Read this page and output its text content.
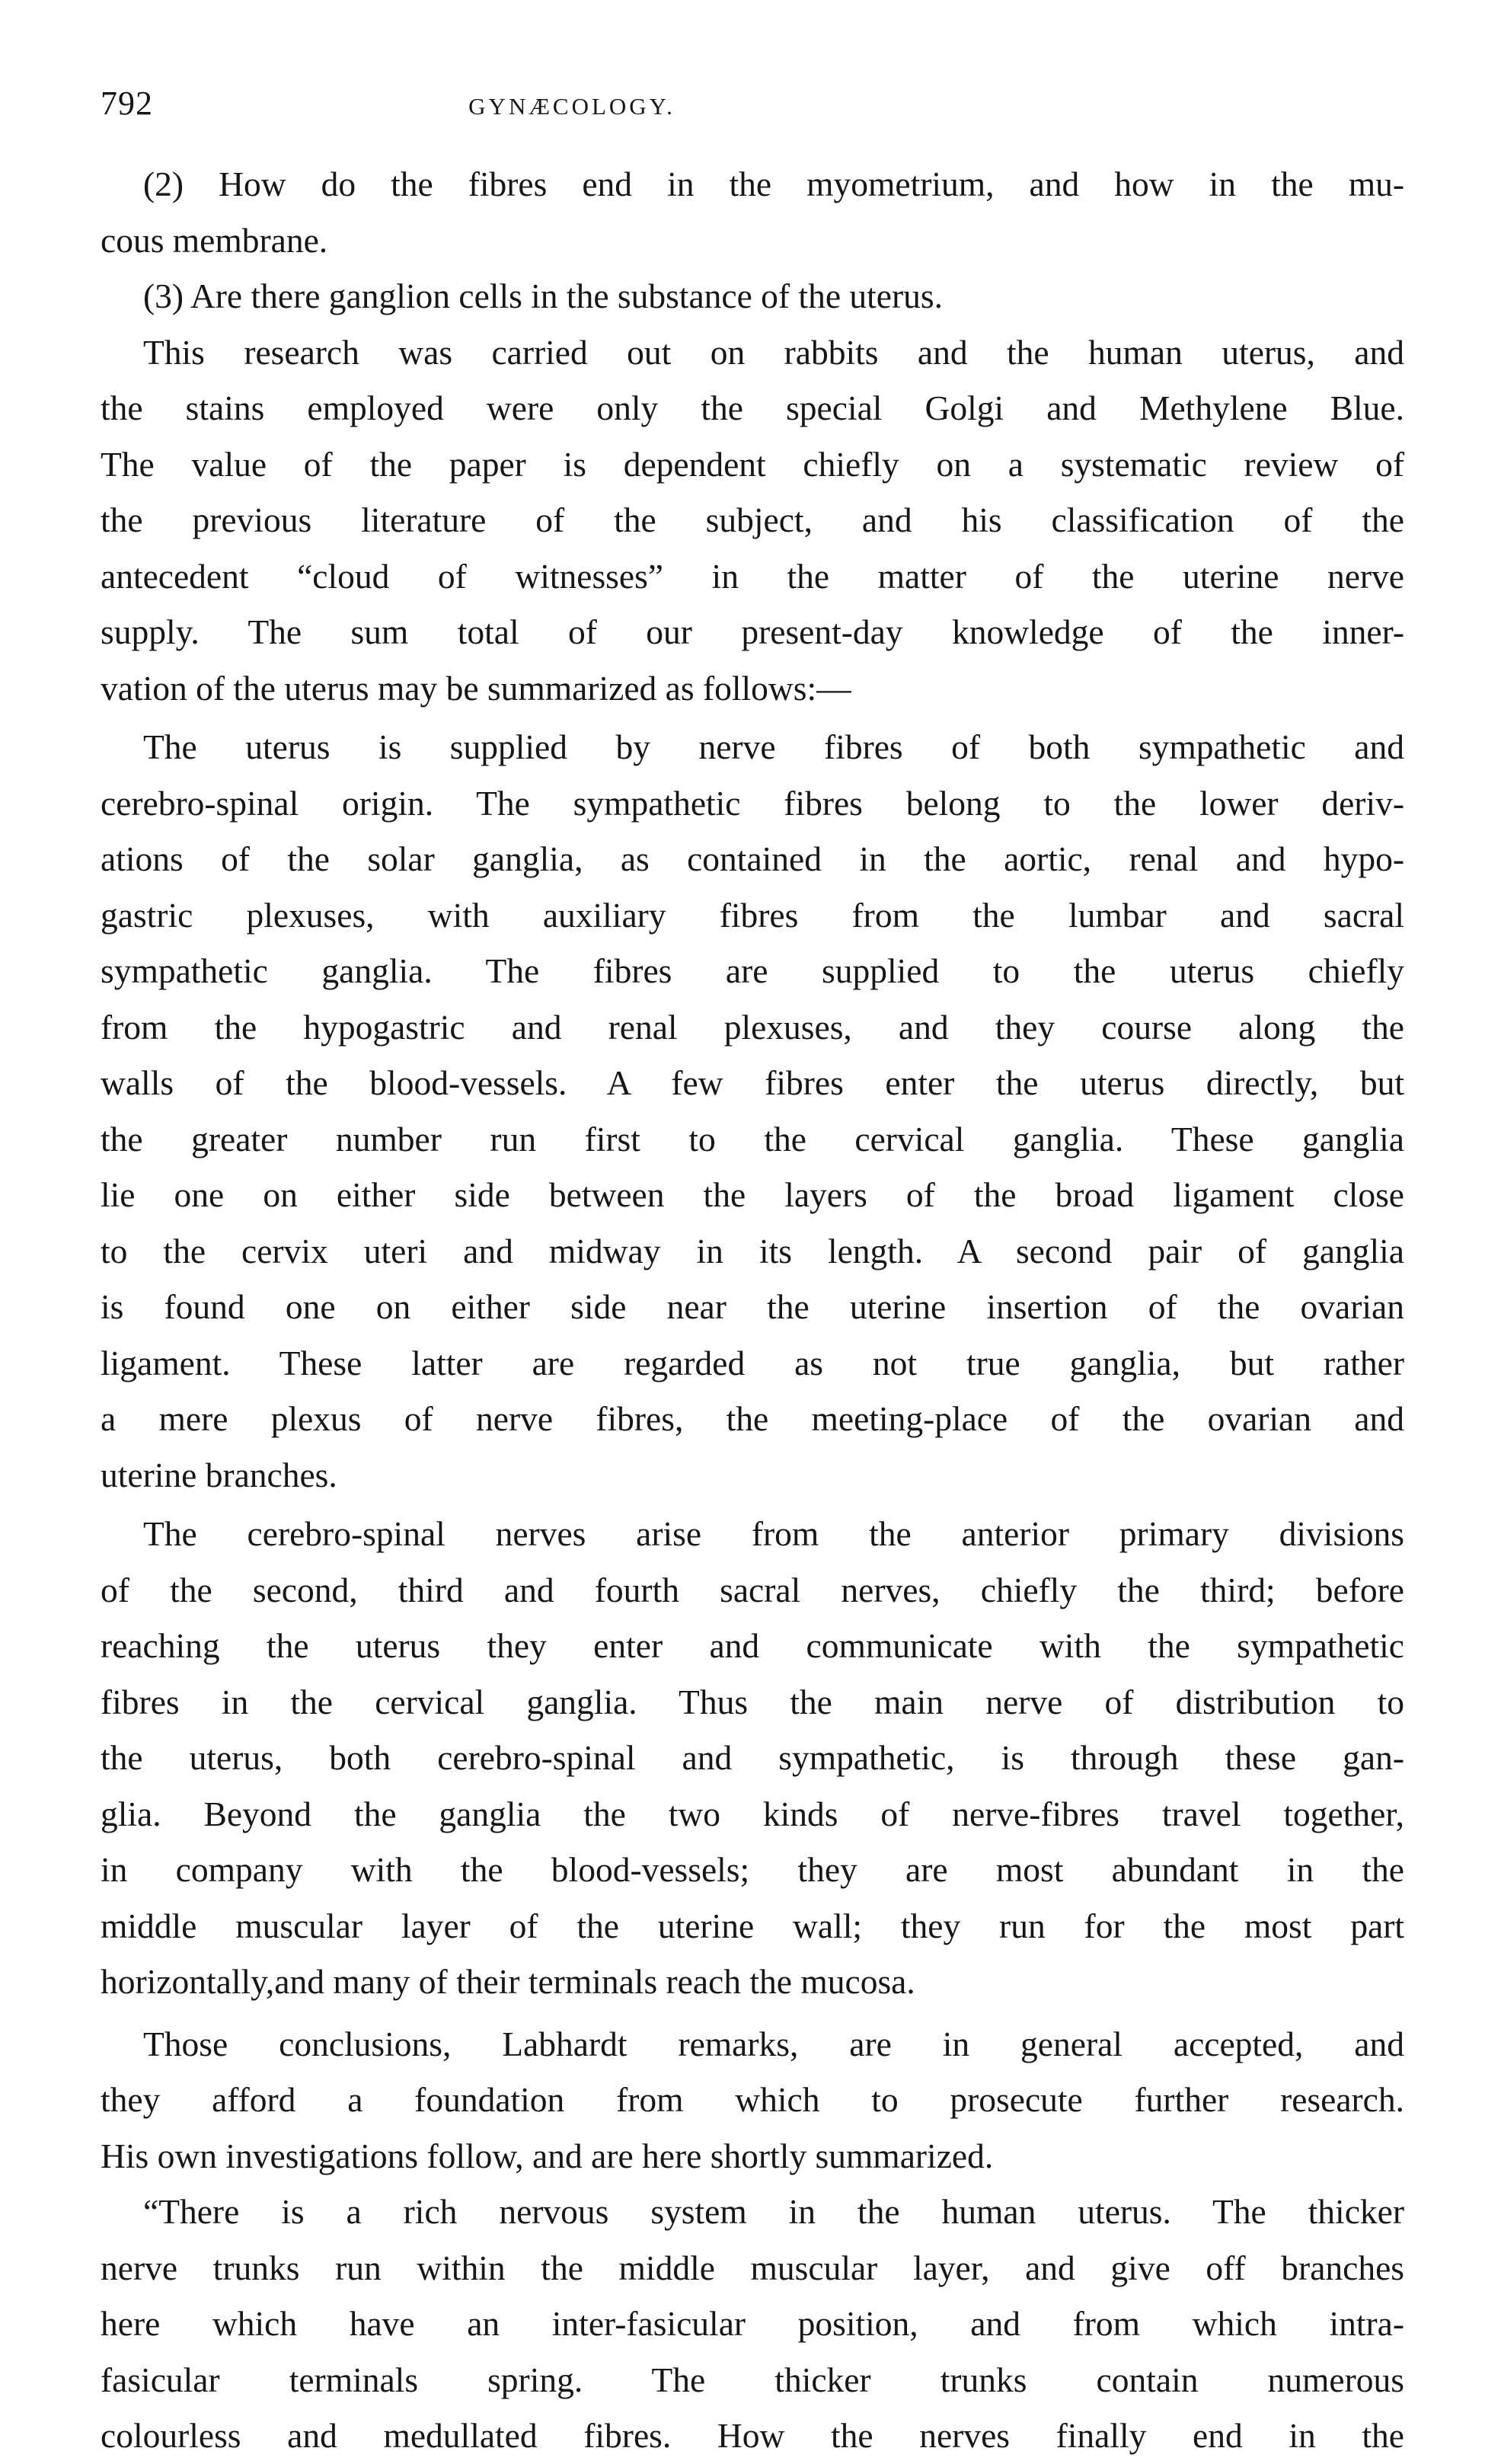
792	GYNÆCOLOGY.
(2) How do the fibres end in the myometrium, and how in the mu-
cous membrane.
(3) Are there ganglion cells in the substance of the uterus.
This research was carried out on rabbits and the human uterus, and
the stains employed were only the special Golgi and Methylene Blue.
The value of the paper is dependent chiefly on a systematic review of
the previous literature of the subject, and his classification of the
antecedent “cloud of witnesses” in the matter of the uterine nerve
supply. The sum total of our present-day knowledge of the inner-
vation of the uterus may be summarized as follows:—
The uterus is supplied by nerve fibres of both sympathetic and
cerebro-spinal origin. The sympathetic fibres belong to the lower deriv-
ations of the solar ganglia, as contained in the aortic, renal and hypo-
gastric plexuses, with auxiliary fibres from the lumbar and sacral
sympathetic ganglia. The fibres are supplied to the uterus chiefly
from the hypogastric and renal plexuses, and they course along the
walls of the blood-vessels. A few fibres enter the uterus directly, but
the greater number run first to the cervical ganglia. These ganglia
lie one on either side between the layers of the broad ligament close
to the cervix uteri and midway in its length. A second pair of ganglia
is found one on either side near the uterine insertion of the ovarian
ligament. These latter are regarded as not true ganglia, but rather
a mere plexus of nerve fibres, the meeting-place of the ovarian and
uterine branches.
The cerebro-spinal nerves arise from the anterior primary divisions
of the second, third and fourth sacral nerves, chiefly the third; before
reaching the uterus they enter and communicate with the sympathetic
fibres in the cervical ganglia. Thus the main nerve of distribution to
the uterus, both cerebro-spinal and sympathetic, is through these gan-
glia. Beyond the ganglia the two kinds of nerve-fibres travel together,
in company with the blood-vessels; they are most abundant in the
middle muscular layer of the uterine wall; they run for the most part
horizontally,and many of their terminals reach the mucosa.
Those conclusions, Labhardt remarks, are in general accepted, and
they afford a foundation from which to prosecute further research.
His own investigations follow, and are here shortly summarized.
“There is a rich nervous system in the human uterus. The thicker
nerve trunks run within the middle muscular layer, and give off branches
here which have an inter-fasicular position, and from which intra-
fasicular terminals spring. The thicker trunks contain numerous
colourless and medullated fibres. How the nerves finally end in the
